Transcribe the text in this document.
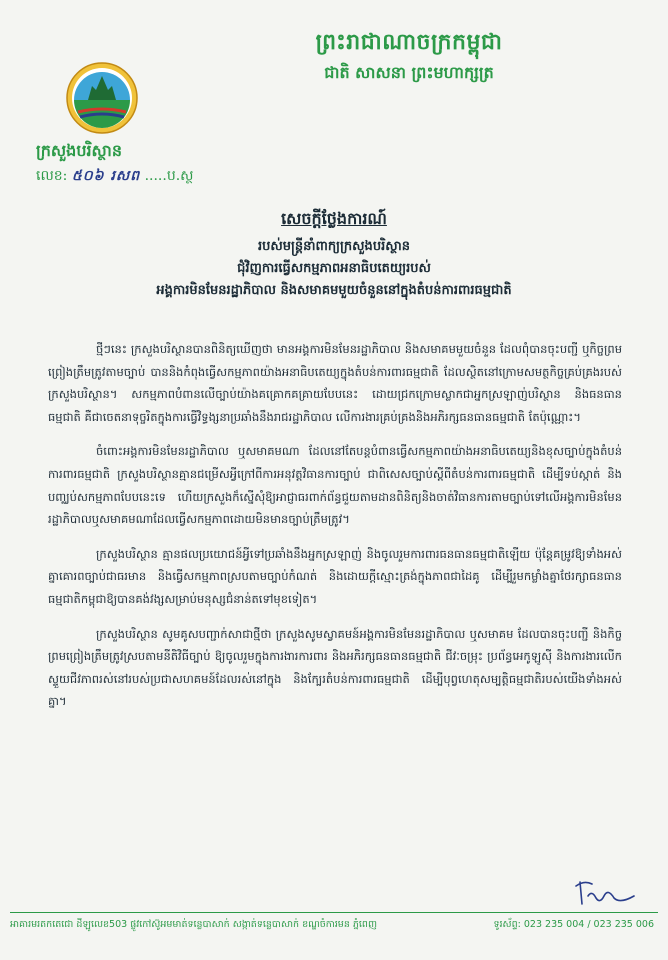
ព្រះរាជាណាចក្រកម្ពុជា
ជាតិ សាសនា ព្រះមហាក្សត្រ
ក្រសួងបរិស្ថាន
លេខ: ៥០៦ រសព .....ប.ស្ថ
សេចក្ដីថ្លែងការណ៍
របស់មន្ត្រីនាំពាក្យក្រសួងបរិស្ថាន
ជុំវិញការធ្វើសកម្មភាពអនាធិបតេយ្យរបស់
អង្គការមិនមែនរដ្ឋាភិបាល និងសមាគមមួយចំនួននៅក្នុងតំបន់ការពារធម្មជាតិ

ថ្មីៗនេះ ក្រសួងបរិស្ថានបានពិនិត្យឃើញថា មានអង្គការមិនមែនរដ្ឋាភិបាល និងសមាគមមួយចំនួន ដែលពុំបានចុះបញ្ជី ឬកិច្ចព្រមព្រៀងត្រឹមត្រូវតាមច្បាប់ បាននិងកំពុងធ្វើសកម្មភាពយ៉ាងអនាធិបតេយ្យក្នុងតំបន់ការពារធម្មជាតិ ដែលស្ថិតនៅក្រោមសមត្ថកិច្ចគ្រប់គ្រងរបស់ក្រសួងបរិស្ថាន។ សកម្មភាពបំពានលើច្បាប់យ៉ាងគគ្រោកគគ្រាយបែបនេះ ដោយជ្រកក្រោមស្លាកជាអ្នកស្រឡាញ់បរិស្ថាន និងធនធានធម្មជាតិ គឺជាចេតនាទុច្ចរិតក្នុងការធ្វើវិទ្ធង្សនាប្រឆាំងនឹងរាជរដ្ឋាភិបាល លើការងារគ្រប់គ្រងនិងអភិរក្សធនធានធម្មជាតិ តែប៉ុណ្ណោះ។

ចំពោះអង្គការមិនមែនរដ្ឋាភិបាល ឬសមាគមណា ដែលនៅតែបន្តបំពានធ្វើសកម្មភាពយ៉ាងអនាធិបតេយ្យនិងខុសច្បាប់ក្នុងតំបន់ការពារធម្មជាតិ ក្រសួងបរិស្ថានគ្មានជម្រើសអ្វីក្រៅពីការអនុវត្តវិធានការច្បាប់ ជាពិសេសច្បាប់ស្ដីពីតំបន់ការពារធម្មជាតិ ដើម្បីទប់ស្កាត់ និងបញ្ឈប់សកម្មភាពបែបនេះទេ ហើយក្រសួងក៏ស្នើសុំឱ្យអាជ្ញាធរពាក់ព័ន្ធជួយតាមដានពិនិត្យនិងចាត់វិធានការតាមច្បាប់ទៅលើអង្គការមិនមែនរដ្ឋាភិបាលឬសមាគមណាដែលធ្វើសកម្មភាពដោយមិនមានច្បាប់ត្រឹមត្រូវ។

ក្រសួងបរិស្ថាន គ្មានផលប្រយោជន៍អ្វីទៅប្រឆាំងនឹងអ្នកស្រឡាញ់ និងចូលរួមការពារធនធានធម្មជាតិឡើយ ប៉ុន្តែគម្រូវឱ្យទាំងអស់គ្នាគោរពច្បាប់ជាធរមាន និងធ្វើសកម្មភាពស្របតាមច្បាប់កំណត់ និងដោយក្ដីស្មោះត្រង់ក្នុងភាពជាដៃគូ ដើម្បីរួមកម្លាំងគ្នាថែរក្សាធនធានធម្មជាតិកម្ពុជាឱ្យបានគង់វង្សសម្រាប់មនុស្សជំនាន់តទៅមុខទៀត។

ក្រសួងបរិស្ថាន សូមគូសបញ្ជាក់សាជាថ្មីថា ក្រសួងសូមស្វាគមន៍អង្គការមិនមែនរដ្ឋាភិបាល ឬសមាគម ដែលបានចុះបញ្ជី និងកិច្ចព្រមព្រៀងត្រឹមត្រូវស្របតាមនីតិវិធីច្បាប់ ឱ្យចូលរួមក្នុងការងារការពារ និងអភិរក្សធនធានធម្មជាតិ ជីវៈចម្រុះ ប្រព័ន្ធអេកូឡូស៊ី និងការងារលើកស្ទួយជីវភាពរស់នៅរបស់ប្រជាសហគមន៍ដែលរស់នៅក្នុង និងក្បែរតំបន់ការពារធម្មជាតិ ដើម្បីបុព្វហេតុសម្បត្តិធម្មជាតិរបស់យើងទាំងអស់គ្នា។

អាគារមរតកតេជោ ដីឡូលេខ503 ផ្លូវកៅស៊ូអមមាត់ទន្លេបាសាក់ សង្កាត់ទន្លេបាសាក់ ខណ្ឌចំការមន ភ្នំពេញ	ទូរស័ព្ទ: 023 235 004 / 023 235 006
